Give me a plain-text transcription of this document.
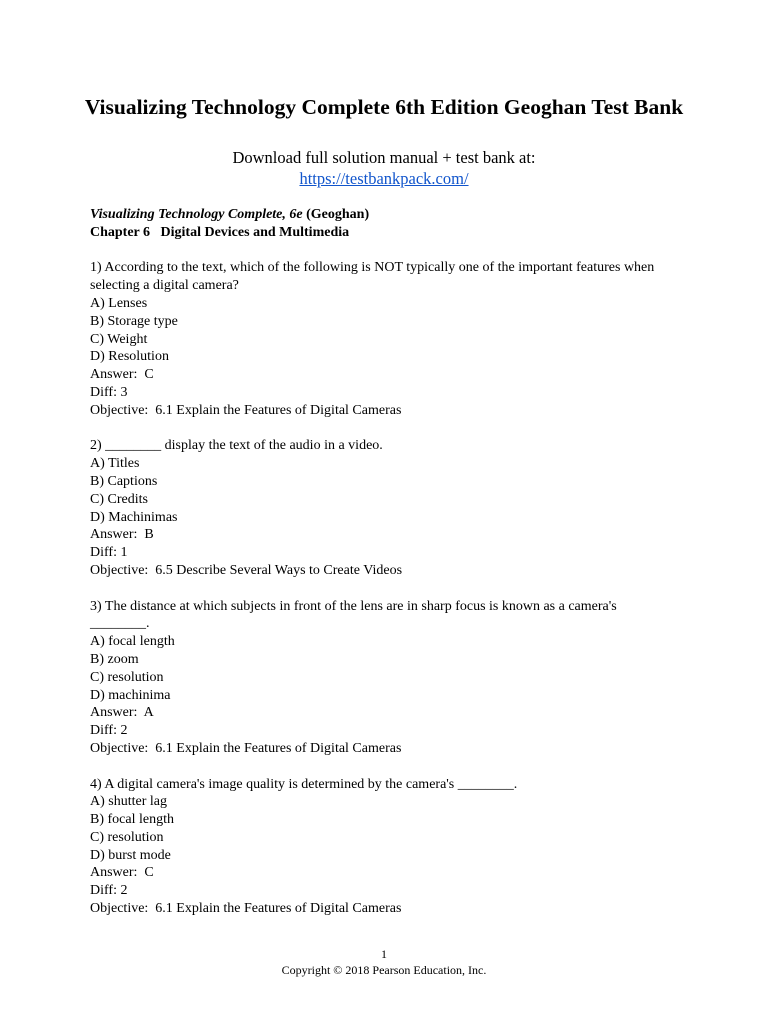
Visualizing Technology Complete 6th Edition Geoghan Test Bank
Download full solution manual + test bank at:
https://testbankpack.com/
Visualizing Technology Complete, 6e (Geoghan)
Chapter 6 Digital Devices and Multimedia
1) According to the text, which of the following is NOT typically one of the important features when selecting a digital camera?
A) Lenses
B) Storage type
C) Weight
D) Resolution
Answer:  C
Diff: 3
Objective:  6.1 Explain the Features of Digital Cameras
2) ________ display the text of the audio in a video.
A) Titles
B) Captions
C) Credits
D) Machinimas
Answer:  B
Diff: 1
Objective:  6.5 Describe Several Ways to Create Videos
3) The distance at which subjects in front of the lens are in sharp focus is known as a camera's ________.
A) focal length
B) zoom
C) resolution
D) machinima
Answer:  A
Diff: 2
Objective:  6.1 Explain the Features of Digital Cameras
4) A digital camera's image quality is determined by the camera's ________.
A) shutter lag
B) focal length
C) resolution
D) burst mode
Answer:  C
Diff: 2
Objective:  6.1 Explain the Features of Digital Cameras
1
Copyright © 2018 Pearson Education, Inc.
